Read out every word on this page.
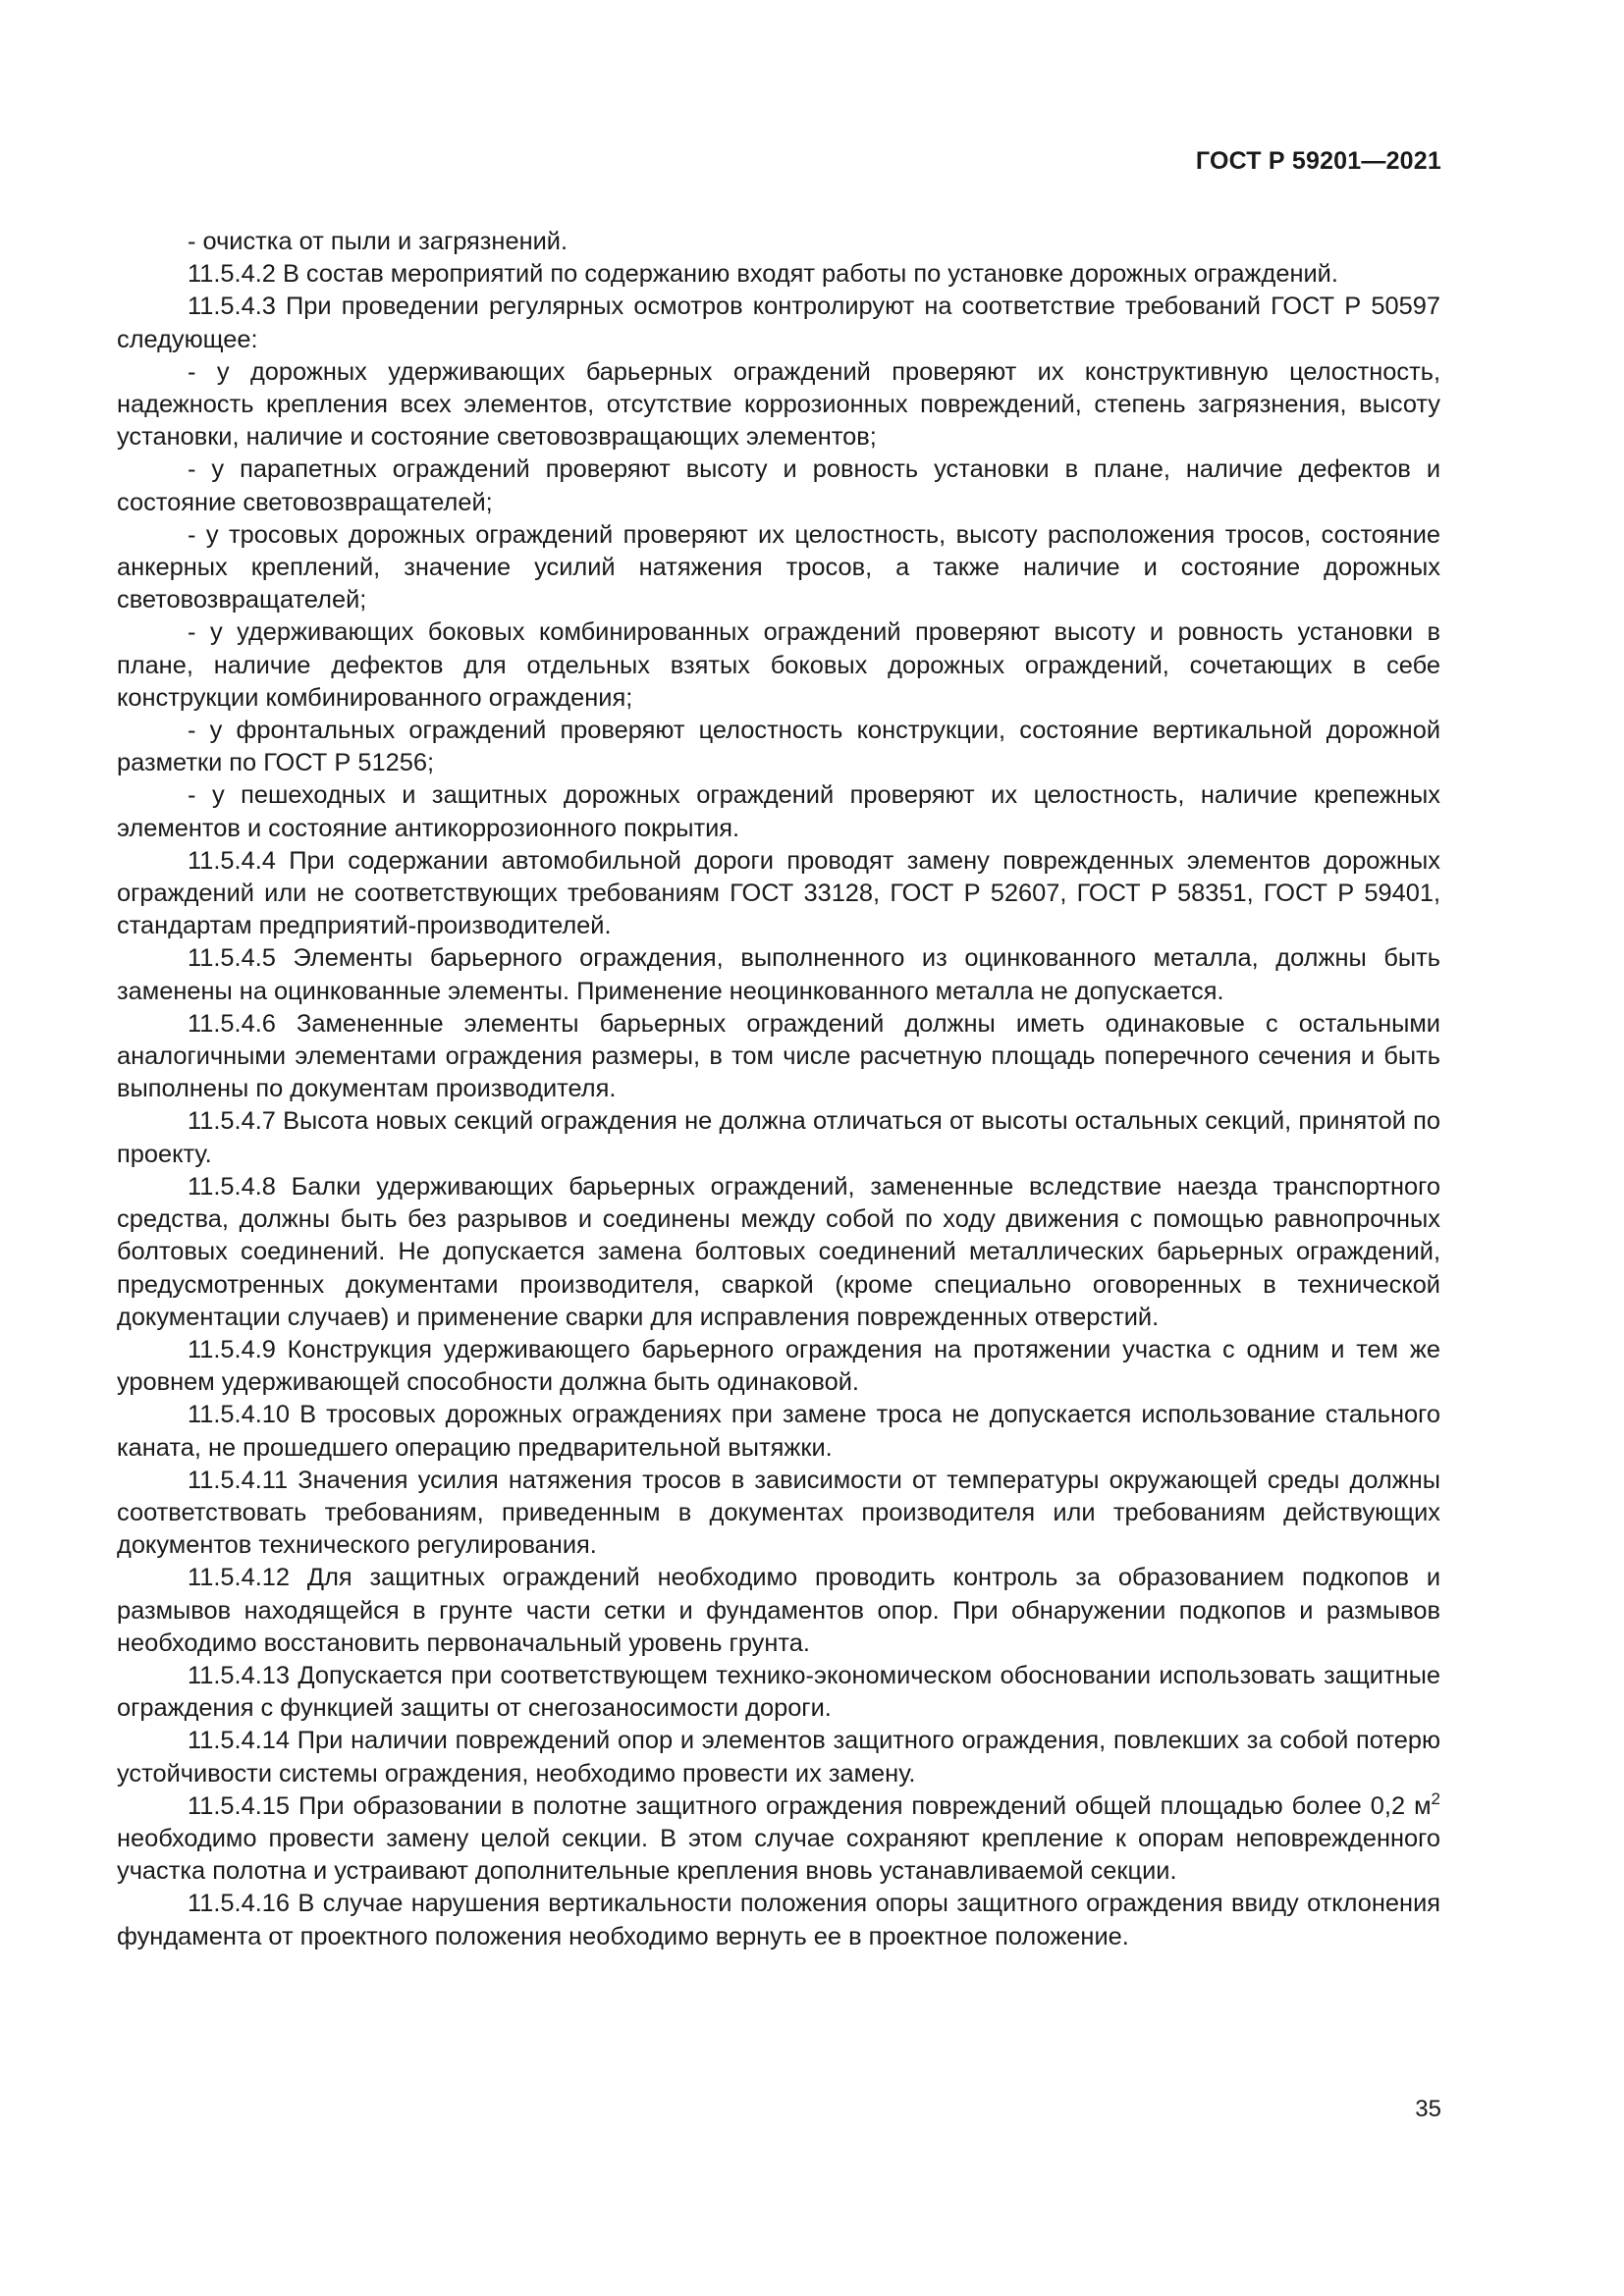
ГОСТ Р 59201—2021

- очистка от пыли и загрязнений.

11.5.4.2 В состав мероприятий по содержанию входят работы по установке дорожных ограждений.

11.5.4.3 При проведении регулярных осмотров контролируют на соответствие требований ГОСТ Р 50597 следующее:

- у дорожных удерживающих барьерных ограждений проверяют их конструктивную целостность, надежность крепления всех элементов, отсутствие коррозионных повреждений, степень загрязнения, высоту установки, наличие и состояние световозвращающих элементов;

- у парапетных ограждений проверяют высоту и ровность установки в плане, наличие дефектов и состояние световозвращателей;

- у тросовых дорожных ограждений проверяют их целостность, высоту расположения тросов, состояние анкерных креплений, значение усилий натяжения тросов, а также наличие и состояние дорожных световозвращателей;

- у удерживающих боковых комбинированных ограждений проверяют высоту и ровность установки в плане, наличие дефектов для отдельных взятых боковых дорожных ограждений, сочетающих в себе конструкции комбинированного ограждения;

- у фронтальных ограждений проверяют целостность конструкции, состояние вертикальной дорожной разметки по ГОСТ Р 51256;

- у пешеходных и защитных дорожных ограждений проверяют их целостность, наличие крепежных элементов и состояние антикоррозионного покрытия.

11.5.4.4 При содержании автомобильной дороги проводят замену поврежденных элементов дорожных ограждений или не соответствующих требованиям ГОСТ 33128, ГОСТ Р 52607, ГОСТ Р 58351, ГОСТ Р 59401, стандартам предприятий-производителей.

11.5.4.5 Элементы барьерного ограждения, выполненного из оцинкованного металла, должны быть заменены на оцинкованные элементы. Применение неоцинкованного металла не допускается.

11.5.4.6 Замененные элементы барьерных ограждений должны иметь одинаковые с остальными аналогичными элементами ограждения размеры, в том числе расчетную площадь поперечного сечения и быть выполнены по документам производителя.

11.5.4.7 Высота новых секций ограждения не должна отличаться от высоты остальных секций, принятой по проекту.

11.5.4.8 Балки удерживающих барьерных ограждений, замененные вследствие наезда транспортного средства, должны быть без разрывов и соединены между собой по ходу движения с помощью равнопрочных болтовых соединений. Не допускается замена болтовых соединений металлических барьерных ограждений, предусмотренных документами производителя, сваркой (кроме специально оговоренных в технической документации случаев) и применение сварки для исправления поврежденных отверстий.

11.5.4.9 Конструкция удерживающего барьерного ограждения на протяжении участка с одним и тем же уровнем удерживающей способности должна быть одинаковой.

11.5.4.10 В тросовых дорожных ограждениях при замене троса не допускается использование стального каната, не прошедшего операцию предварительной вытяжки.

11.5.4.11 Значения усилия натяжения тросов в зависимости от температуры окружающей среды должны соответствовать требованиям, приведенным в документах производителя или требованиям действующих документов технического регулирования.

11.5.4.12 Для защитных ограждений необходимо проводить контроль за образованием подкопов и размывов находящейся в грунте части сетки и фундаментов опор. При обнаружении подкопов и размывов необходимо восстановить первоначальный уровень грунта.

11.5.4.13 Допускается при соответствующем технико-экономическом обосновании использовать защитные ограждения с функцией защиты от снегозаносимости дороги.

11.5.4.14 При наличии повреждений опор и элементов защитного ограждения, повлекших за собой потерю устойчивости системы ограждения, необходимо провести их замену.

11.5.4.15 При образовании в полотне защитного ограждения повреждений общей площадью более 0,2 $м^2$ необходимо провести замену целой секции. В этом случае сохраняют крепление к опорам неповрежденного участка полотна и устраивают дополнительные крепления вновь устанавливаемой секции.

11.5.4.16 В случае нарушения вертикальности положения опоры защитного ограждения ввиду отклонения фундамента от проектного положения необходимо вернуть ее в проектное положение.

35
